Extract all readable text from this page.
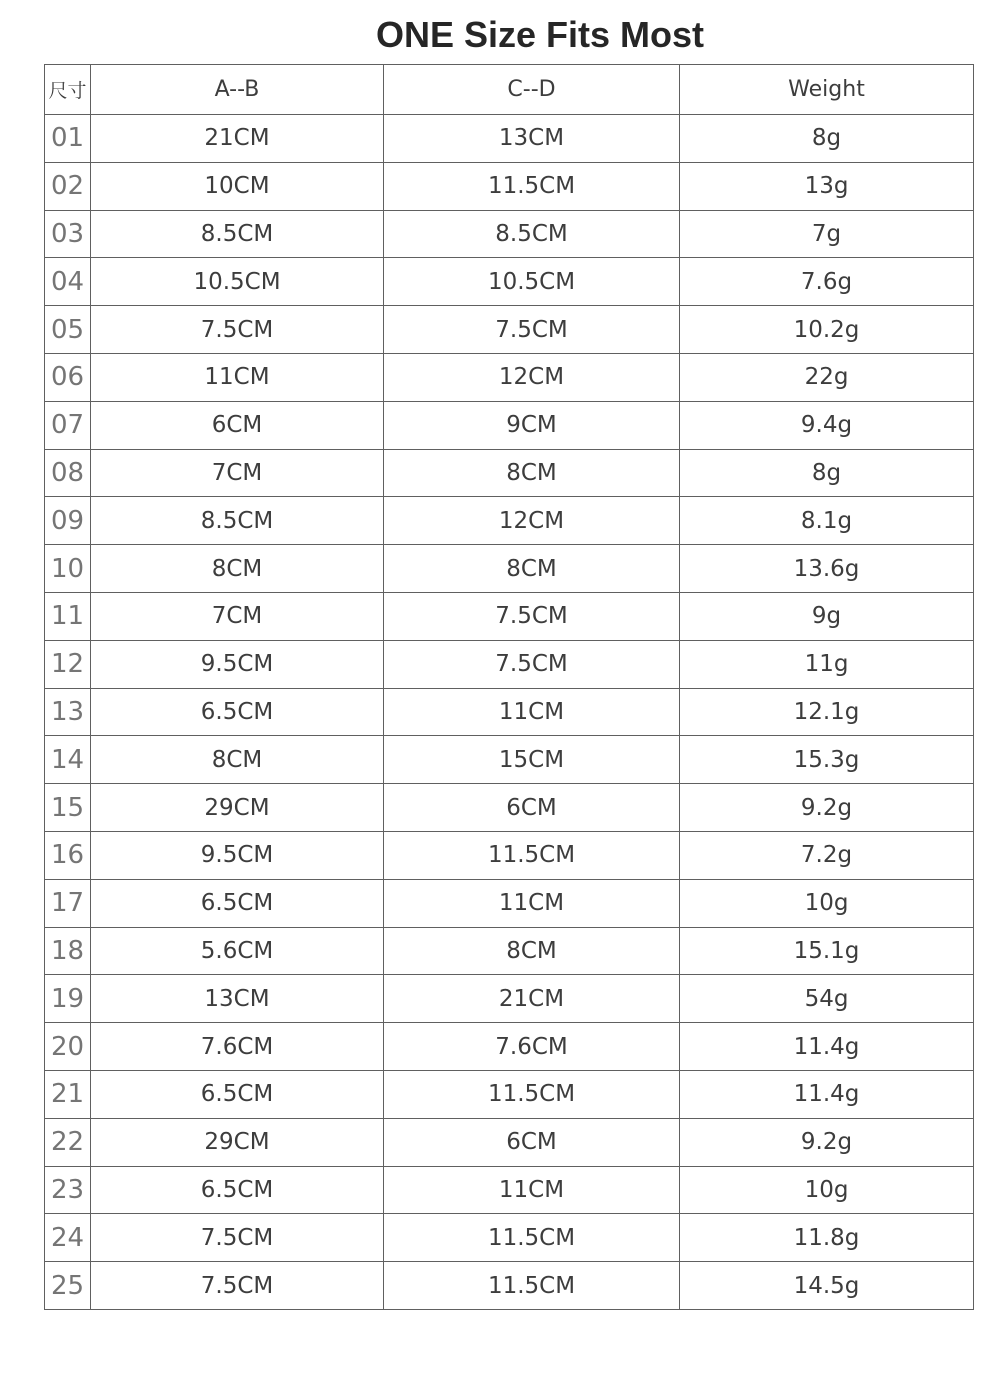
ONE Size Fits Most
尺寸	A--B	C--D	Weight
01	21CM	13CM	8g
02	10CM	11.5CM	13g
03	8.5CM	8.5CM	7g
04	10.5CM	10.5CM	7.6g
05	7.5CM	7.5CM	10.2g
06	11CM	12CM	22g
07	6CM	9CM	9.4g
08	7CM	8CM	8g
09	8.5CM	12CM	8.1g
10	8CM	8CM	13.6g
11	7CM	7.5CM	9g
12	9.5CM	7.5CM	11g
13	6.5CM	11CM	12.1g
14	8CM	15CM	15.3g
15	29CM	6CM	9.2g
16	9.5CM	11.5CM	7.2g
17	6.5CM	11CM	10g
18	5.6CM	8CM	15.1g
19	13CM	21CM	54g
20	7.6CM	7.6CM	11.4g
21	6.5CM	11.5CM	11.4g
22	29CM	6CM	9.2g
23	6.5CM	11CM	10g
24	7.5CM	11.5CM	11.8g
25	7.5CM	11.5CM	14.5g
